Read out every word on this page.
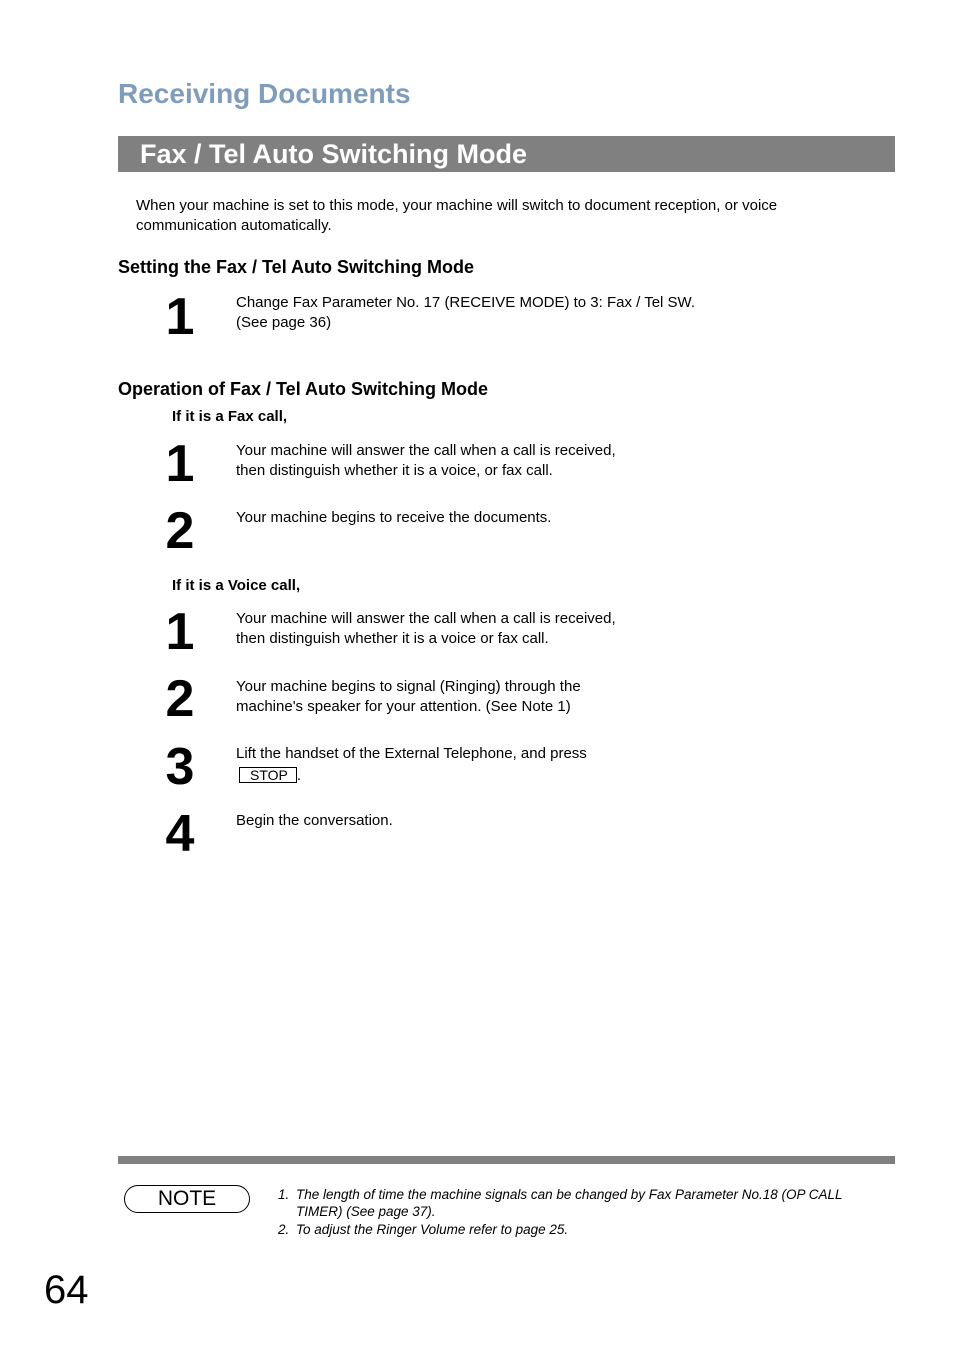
Receiving Documents
Fax / Tel Auto Switching Mode

When your machine is set to this mode, your machine will switch to document reception, or voice communication automatically.

Setting the Fax / Tel Auto Switching Mode
1	Change Fax Parameter No. 17 (RECEIVE MODE) to 3: Fax / Tel SW.
(See page 36)
Operation of Fax / Tel Auto Switching Mode
If it is a Fax call,
1	Your machine will answer the call when a call is received,
then distinguish whether it is a voice, or fax call.
2	Your machine begins to receive the documents.
If it is a Voice call,
1	Your machine will answer the call when a call is received,
then distinguish whether it is a voice or fax call.
2	Your machine begins to signal (Ringing) through the
machine's speaker for your attention. (See Note 1)
3	Lift the handset of the External Telephone, and press
STOP .
4	Begin the conversation.
NOTE	1. The length of time the machine signals can be changed by Fax Parameter No.18 (OP CALL TIMER) (See page 37).
2. To adjust the Ringer Volume refer to page 25.
64
